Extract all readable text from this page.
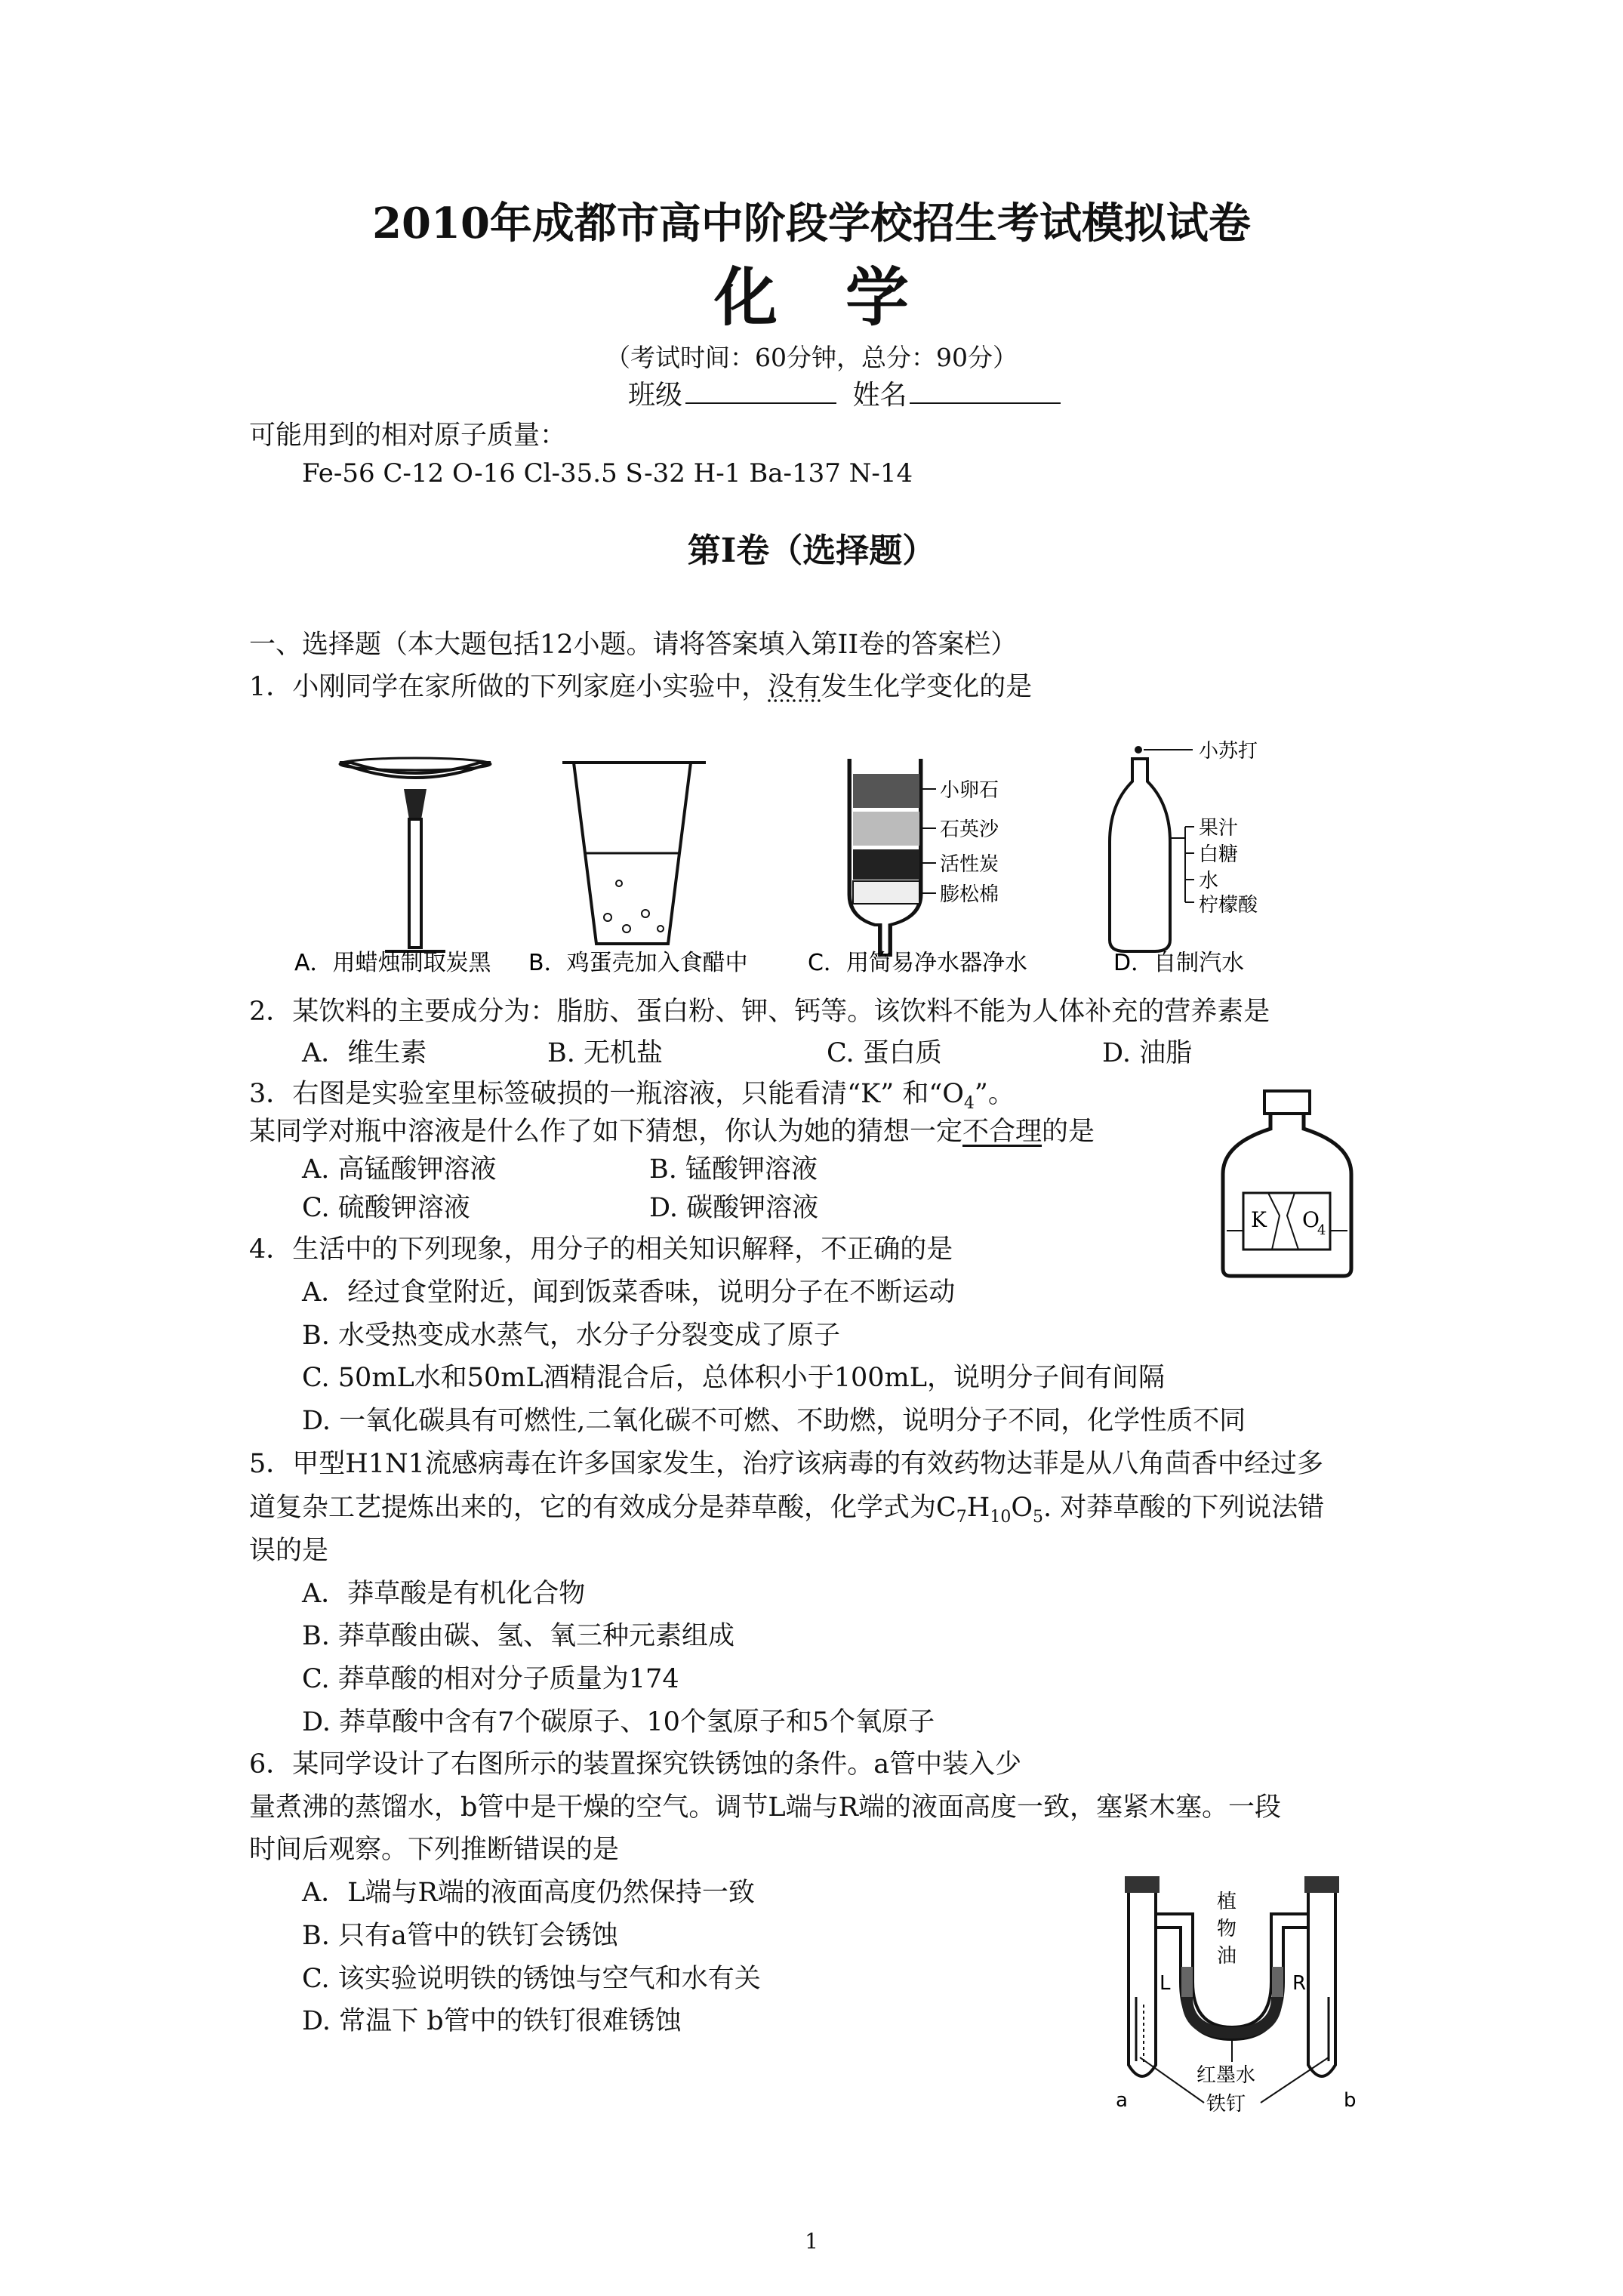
2010年成都市高中阶段学校招生考试模拟试卷
化学
（考试时间：60分钟，总分：90分）
班级	姓名
可能用到的相对原子质量：
Fe-56 C-12 O-16 Cl-35.5 S-32 H-1 Ba-137 N-14
第Ⅰ卷（选择题）
一、选择题（本大题包括12小题。请将答案填入第II卷的答案栏）
1．小刚同学在家所做的下列家庭小实验中，没有发生化学变化的是
小卵石
石英沙
活性炭
膨松棉
小苏打
果汁
白糖
水
柠檬酸
A．用蜡烛制取炭黑 B．鸡蛋壳加入食醋中	C．用简易净水器净水	D．自制汽水
2．某饮料的主要成分为：脂肪、蛋白粉、钾、钙等。该饮料不能为人体补充的营养素是
A．维生素	B. 无机盐	C. 蛋白质	D. 油脂
3．右图是实验室里标签破损的一瓶溶液，只能看清“K” 和“$O_4$”。
某同学对瓶中溶液是什么作了如下猜想，你认为她的猜想一定不合理的是
A. 高锰酸钾溶液	B. 锰酸钾溶液
C. 硫酸钾溶液	D. 碳酸钾溶液	K O
4
4．生活中的下列现象，用分子的相关知识解释，不正确的是
A．经过食堂附近，闻到饭菜香味，说明分子在不断运动
B. 水受热变成水蒸气，水分子分裂变成了原子
C. 50mL水和50mL酒精混合后，总体积小于100mL，说明分子间有间隔
D. 一氧化碳具有可燃性,二氧化碳不可燃、不助燃，说明分子不同，化学性质不同
5．甲型H1N1流感病毒在许多国家发生，治疗该病毒的有效药物达菲是从八角茴香中经过多
道复杂工艺提炼出来的，它的有效成分是莽草酸，化学式为$C_7H_{10}O_5$. 对莽草酸的下列说法错
误的是
A．莽草酸是有机化合物
B. 莽草酸由碳、氢、氧三种元素组成
C. 莽草酸的相对分子质量为174
D. 莽草酸中含有7个碳原子、10个氢原子和5个氧原子
6．某同学设计了右图所示的装置探究铁锈蚀的条件。a管中装入少
量煮沸的蒸馏水，b管中是干燥的空气。调节L端与R端的液面高度一致，塞紧木塞。一段
时间后观察。下列推断错误的是
A．L端与R端的液面高度仍然保持一致
B. 只有a管中的铁钉会锈蚀
C. 该实验说明铁的锈蚀与空气和水有关
D. 常温下 b管中的铁钉很难锈蚀
植
物
油
L	R
红墨水
铁钉
a	b
1
